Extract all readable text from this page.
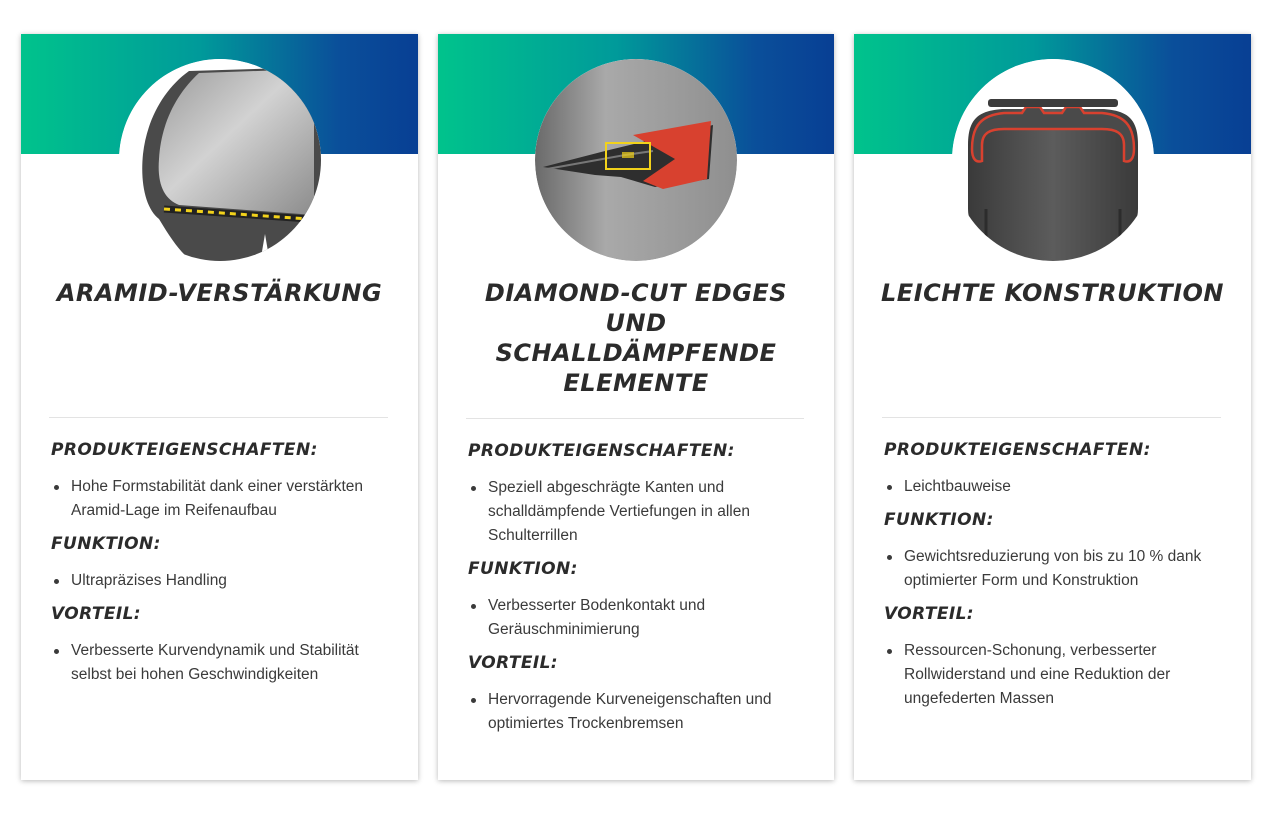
ARAMID-VERSTÄRKUNG
PRODUKTEIGENSCHAFTEN:
Hohe Formstabilität dank einer verstärkten Aramid-Lage im Reifenaufbau
FUNKTION:
Ultrapräzises Handling
VORTEIL:
Verbesserte Kurvendynamik und Stabilität selbst bei hohen Geschwindigkeiten
DIAMOND-CUT EDGES UND SCHALLDÄMPFENDE ELEMENTE
PRODUKTEIGENSCHAFTEN:
Speziell abgeschrägte Kanten und schalldämpfende Vertiefungen in allen Schulterrillen
FUNKTION:
Verbesserter Bodenkontakt und Geräuschminimierung
VORTEIL:
Hervorragende Kurveneigenschaften und optimiertes Trockenbremsen
LEICHTE KONSTRUKTION
PRODUKTEIGENSCHAFTEN:
Leichtbauweise
FUNKTION:
Gewichtsreduzierung von bis zu 10 % dank optimierter Form und Konstruktion
VORTEIL:
Ressourcen-Schonung, verbesserter Rollwiderstand und eine Reduktion der ungefederten Massen
